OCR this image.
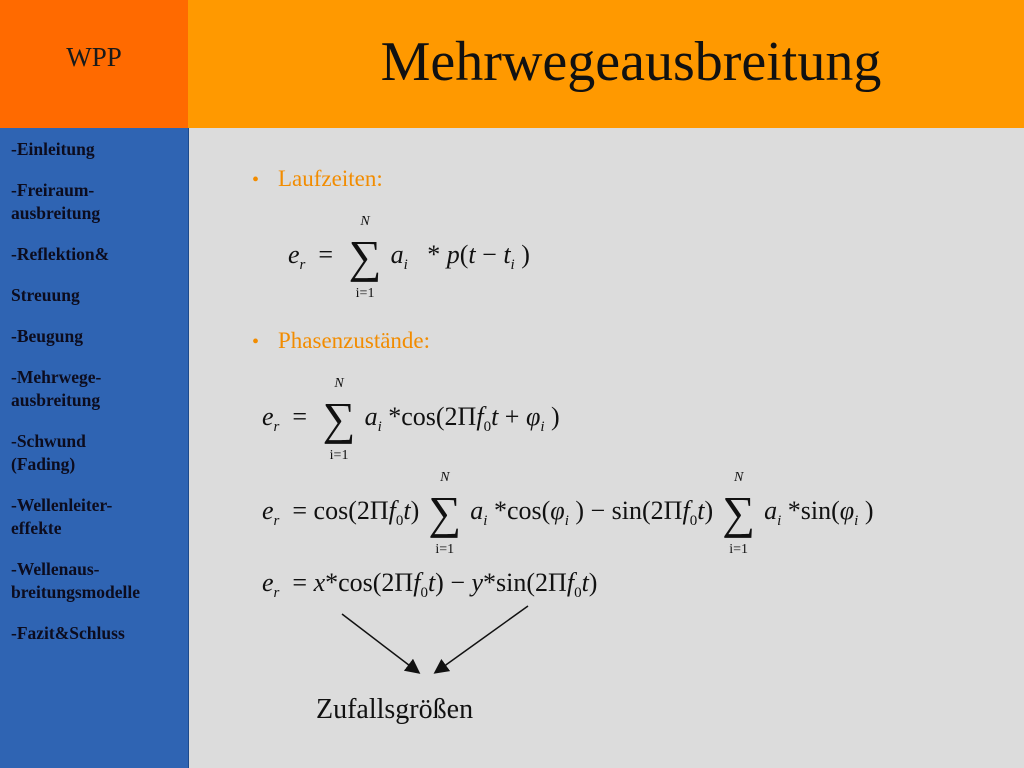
WPP	Mehrwegeausbreitung
-Einleitung
-Freiraum-
ausbreitung
-Reflektion&
Streuung
-Beugung
-Mehrwege-
ausbreitung
-Schwund
(Fading)
-Wellenleiter-
effekte
-Wellenaus-
breitungsmodelle
-Fazit&Schluss
• Laufzeiten:
$e_r$  =
N
∑
i=1
$a_i * p(t - t_i$ )
• Phasenzustände:
$e_r$  =
N
∑
i=1
$a_i$ $*\cos(2\Pi f_0t + \varphi_i$ )
$e_r = \cos(2\Pi f_0t)$
N
∑
i=1
$a_i$ $*\cos(\varphi_i$ ) − $\sin(2\Pi f_0t)$
N
∑
i=1
$a_i$ $*\sin(\varphi_i$ )
$e_r = x*\cos(2\Pi f_0t) - y*\sin(2\Pi f_0t)$
Zufallsgrößen
